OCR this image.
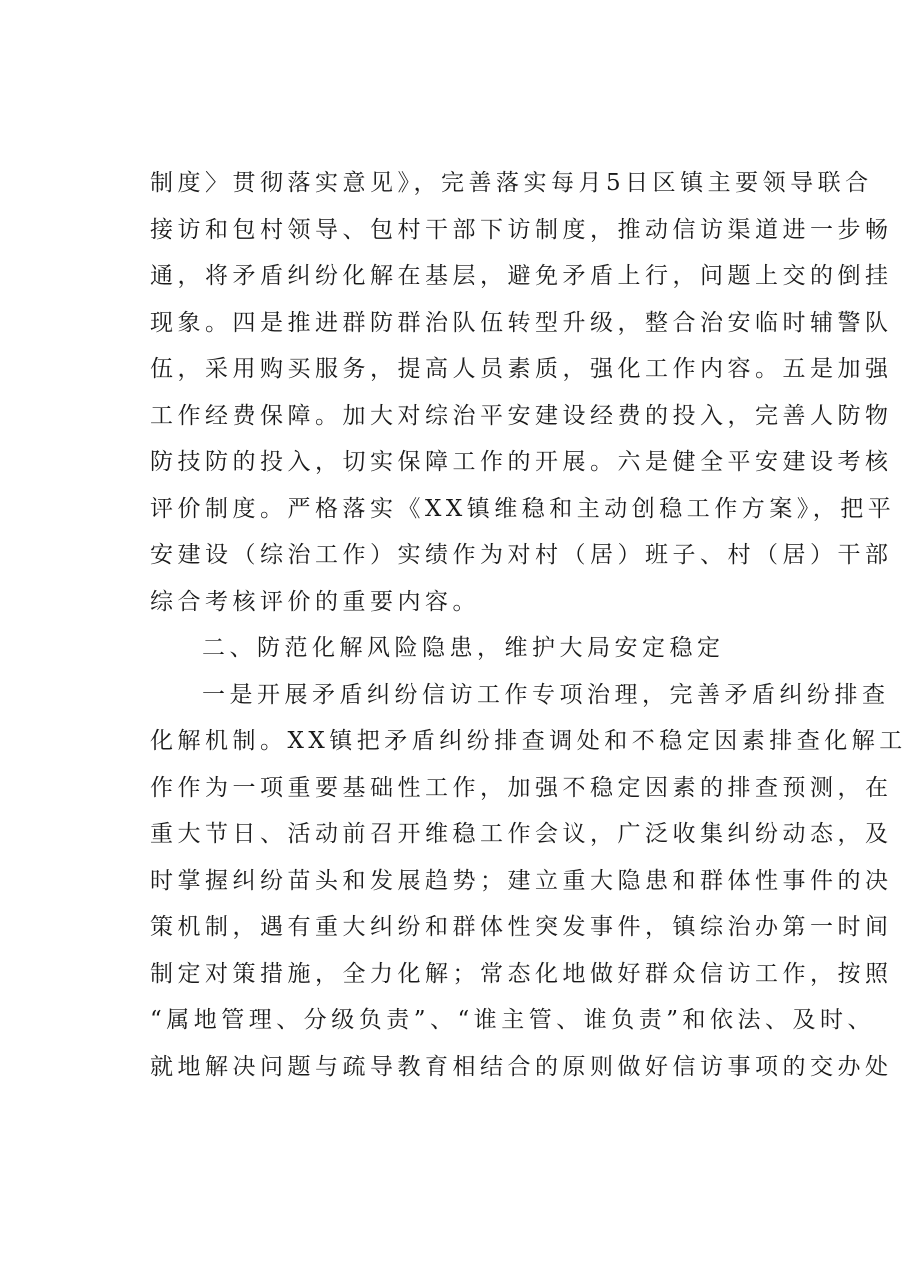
制度〉贯彻落实意见》，完善落实每月5日区镇主要领导联合
接访和包村领导、包村干部下访制度，推动信访渠道进一步畅
通，将矛盾纠纷化解在基层，避免矛盾上行，问题上交的倒挂
现象。四是推进群防群治队伍转型升级，整合治安临时辅警队
伍，采用购买服务，提高人员素质，强化工作内容。五是加强
工作经费保障。加大对综治平安建设经费的投入，完善人防物
防技防的投入，切实保障工作的开展。六是健全平安建设考核
评价制度。严格落实《XX镇维稳和主动创稳工作方案》，把平
安建设（综治工作）实绩作为对村（居）班子、村（居）干部
综合考核评价的重要内容。
二、防范化解风险隐患，维护大局安定稳定
一是开展矛盾纠纷信访工作专项治理，完善矛盾纠纷排查
化解机制。XX镇把矛盾纠纷排查调处和不稳定因素排查化解工
作作为一项重要基础性工作，加强不稳定因素的排查预测，在
重大节日、活动前召开维稳工作会议，广泛收集纠纷动态，及
时掌握纠纷苗头和发展趋势；建立重大隐患和群体性事件的决
策机制，遇有重大纠纷和群体性突发事件，镇综治办第一时间
制定对策措施，全力化解；常态化地做好群众信访工作，按照
“属地管理、分级负责”、“谁主管、谁负责”和依法、及时、
就地解决问题与疏导教育相结合的原则做好信访事项的交办处
